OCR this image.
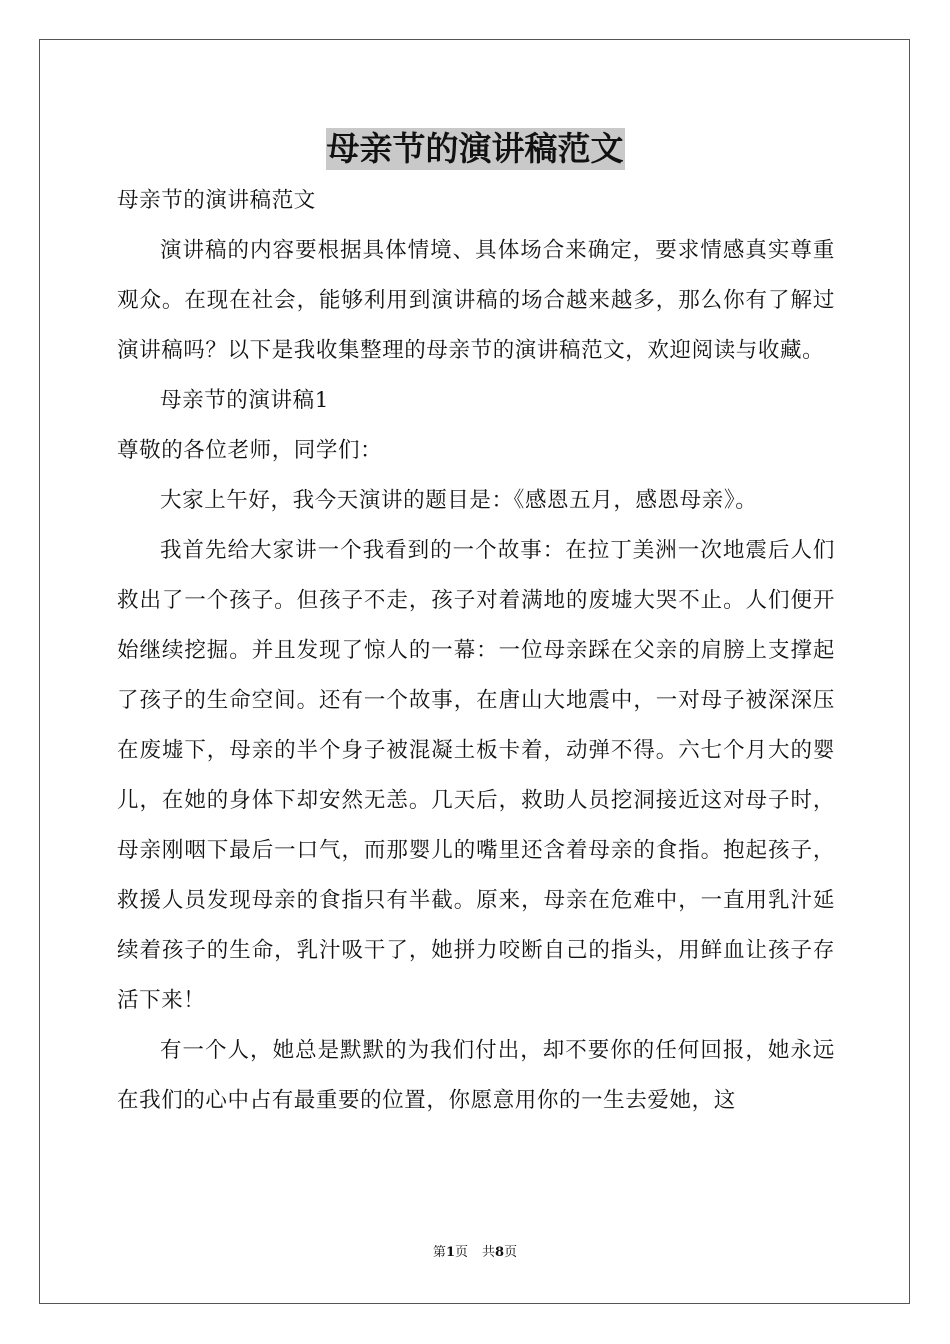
母亲节的演讲稿范文

母亲节的演讲稿范文

演讲稿的内容要根据具体情境、具体场合来确定，要求情感真实尊重观众。在现在社会，能够利用到演讲稿的场合越来越多，那么你有了解过演讲稿吗？以下是我收集整理的母亲节的演讲稿范文，欢迎阅读与收藏。

母亲节的演讲稿1

尊敬的各位老师，同学们：

大家上午好，我今天演讲的题目是：《感恩五月，感恩母亲》。

我首先给大家讲一个我看到的一个故事：在拉丁美洲一次地震后人们救出了一个孩子。但孩子不走，孩子对着满地的废墟大哭不止。人们便开始继续挖掘。并且发现了惊人的一幕：一位母亲踩在父亲的肩膀上支撑起了孩子的生命空间。还有一个故事，在唐山大地震中，一对母子被深深压在废墟下，母亲的半个身子被混凝土板卡着，动弹不得。六七个月大的婴儿，在她的身体下却安然无恙。几天后，救助人员挖洞接近这对母子时，母亲刚咽下最后一口气，而那婴儿的嘴里还含着母亲的食指。抱起孩子，救援人员发现母亲的食指只有半截。原来，母亲在危难中，一直用乳汁延续着孩子的生命，乳汁吸干了，她拼力咬断自己的指头，用鲜血让孩子存活下来！

有一个人，她总是默默的为我们付出，却不要你的任何回报，她永远在我们的心中占有最重要的位置，你愿意用你的一生去爱她，这

第1页 共8页
